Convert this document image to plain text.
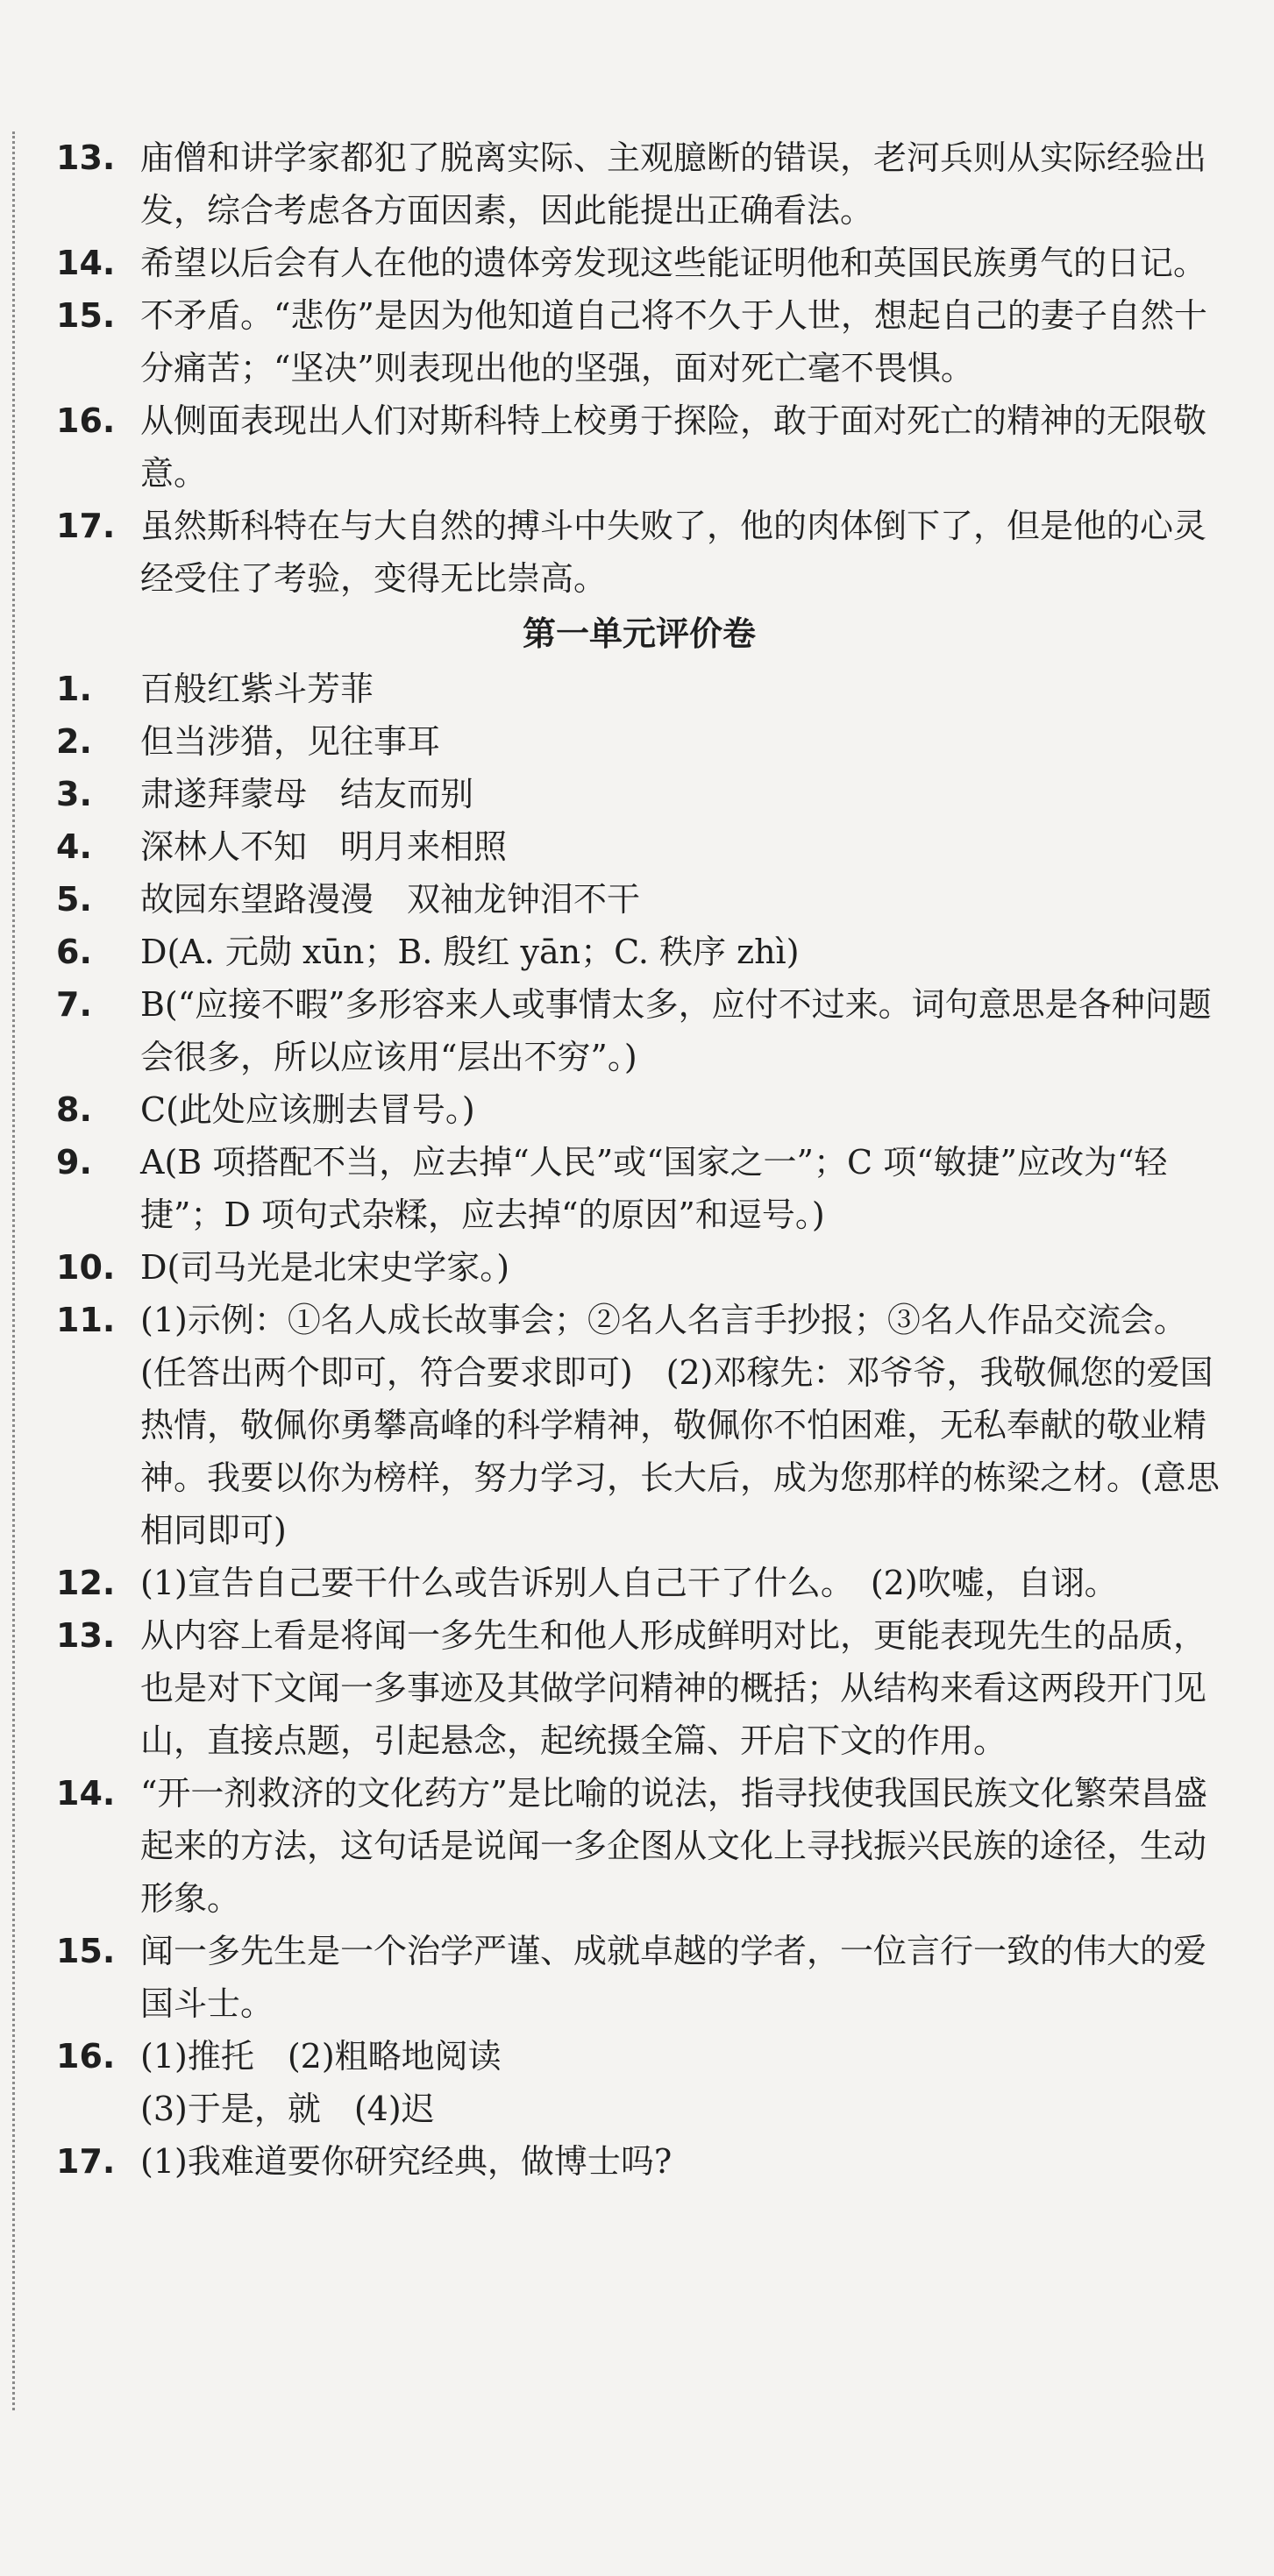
13. 庙僧和讲学家都犯了脱离实际、主观臆断的错误，老河兵则从实际经验出发，综合考虑各方面因素，因此能提出正确看法。
14. 希望以后会有人在他的遗体旁发现这些能证明他和英国民族勇气的日记。
15. 不矛盾。“悲伤”是因为他知道自己将不久于人世，想起自己的妻子自然十分痛苦；“坚决”则表现出他的坚强，面对死亡毫不畏惧。
16. 从侧面表现出人们对斯科特上校勇于探险，敢于面对死亡的精神的无限敬意。
17. 虽然斯科特在与大自然的搏斗中失败了，他的肉体倒下了，但是他的心灵经受住了考验，变得无比崇高。
第一单元评价卷
1. 百般红紫斗芳菲
2. 但当涉猎，见往事耳
3. 肃遂拜蒙母　结友而别
4. 深林人不知　明月来相照
5. 故园东望路漫漫　双袖龙钟泪不干
6. D(A. 元勋 xūn；B. 殷红 yān；C. 秩序 zhì)
7. B(“应接不暇”多形容来人或事情太多，应付不过来。词句意思是各种问题会很多，所以应该用“层出不穷”。)
8. C(此处应该删去冒号。)
9. A(B 项搭配不当，应去掉“人民”或“国家之一”；C 项“敏捷”应改为“轻捷”；D 项句式杂糅，应去掉“的原因”和逗号。)
10. D(司马光是北宋史学家。)
11. (1)示例：①名人成长故事会；②名人名言手抄报；③名人作品交流会。(任答出两个即可，符合要求即可)　(2)邓稼先：邓爷爷，我敬佩您的爱国热情，敬佩你勇攀高峰的科学精神，敬佩你不怕困难，无私奉献的敬业精神。我要以你为榜样，努力学习，长大后，成为您那样的栋梁之材。(意思相同即可)
12. (1)宣告自己要干什么或告诉别人自己干了什么。　(2)吹嘘，自诩。
13. 从内容上看是将闻一多先生和他人形成鲜明对比，更能表现先生的品质，也是对下文闻一多事迹及其做学问精神的概括；从结构来看这两段开门见山，直接点题，引起悬念，起统摄全篇、开启下文的作用。
14. “开一剂救济的文化药方”是比喻的说法，指寻找使我国民族文化繁荣昌盛起来的方法，这句话是说闻一多企图从文化上寻找振兴民族的途径，生动形象。
15. 闻一多先生是一个治学严谨、成就卓越的学者，一位言行一致的伟大的爱国斗士。
16. (1)推托　(2)粗略地阅读
(3)于是，就　(4)迟
17. (1)我难道要你研究经典，做博士吗?
